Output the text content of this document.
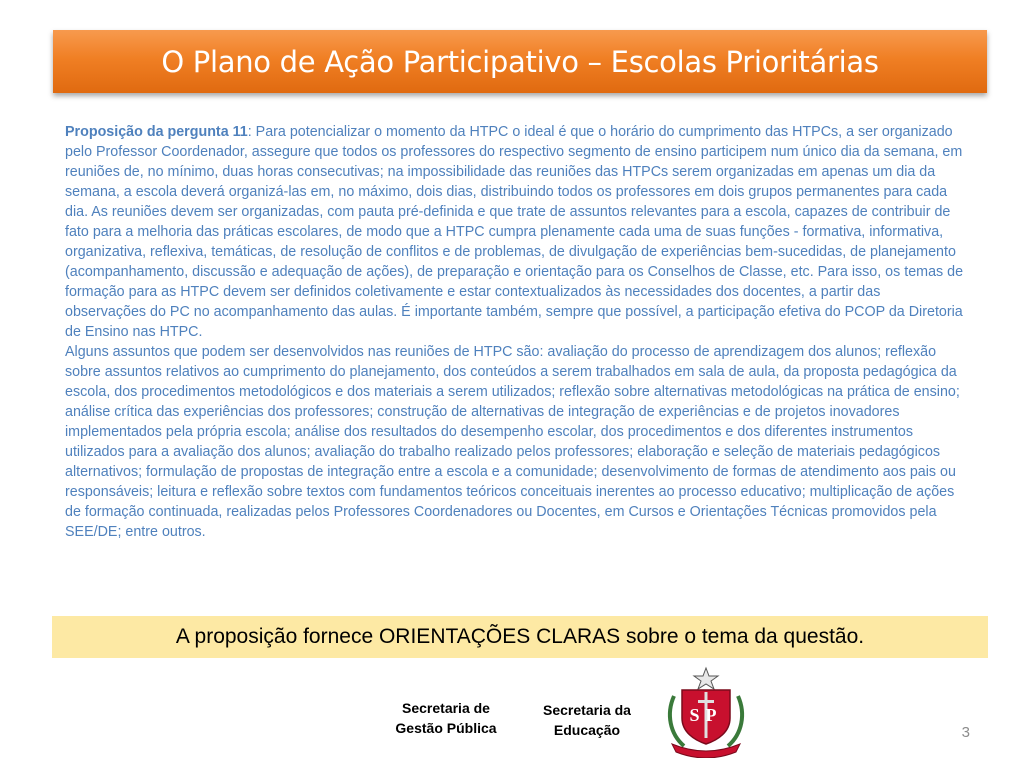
O Plano de Ação Participativo – Escolas Prioritárias

Proposição da pergunta 11: Para potencializar o momento da HTPC o ideal é que o horário do cumprimento das HTPCs, a ser organizado pelo Professor Coordenador, assegure que todos os professores do respectivo segmento de ensino participem num único dia da semana, em reuniões de, no mínimo, duas horas consecutivas; na impossibilidade das reuniões das HTPCs serem organizadas em apenas um dia da semana, a escola deverá organizá-las em, no máximo, dois dias, distribuindo todos os professores em dois grupos permanentes para cada dia. As reuniões devem ser organizadas, com pauta pré-definida e que trate de assuntos relevantes para a escola, capazes de contribuir de fato para a melhoria das práticas escolares, de modo que a HTPC cumpra plenamente cada uma de suas funções - formativa, informativa, organizativa, reflexiva, temáticas, de resolução de conflitos e de problemas, de divulgação de experiências bem-sucedidas, de planejamento (acompanhamento, discussão e adequação de ações), de preparação e orientação para os Conselhos de Classe, etc. Para isso, os temas de formação para as HTPC devem ser definidos coletivamente e estar contextualizados às necessidades dos docentes, a partir das observações do PC no acompanhamento das aulas. É importante também, sempre que possível, a participação efetiva do PCOP da Diretoria de Ensino nas HTPC.

Alguns assuntos que podem ser desenvolvidos nas reuniões de HTPC são: avaliação do processo de aprendizagem dos alunos; reflexão sobre assuntos relativos ao cumprimento do planejamento, dos conteúdos a serem trabalhados em sala de aula, da proposta pedagógica da escola, dos procedimentos metodológicos e dos materiais a serem utilizados; reflexão sobre alternativas metodológicas na prática de ensino; análise crítica das experiências dos professores; construção de alternativas de integração de experiências e de projetos inovadores implementados pela própria escola; análise dos resultados do desempenho escolar, dos procedimentos e dos diferentes instrumentos utilizados para a avaliação dos alunos; avaliação do trabalho realizado pelos professores; elaboração e seleção de materiais pedagógicos alternativos; formulação de propostas de integração entre a escola e a comunidade; desenvolvimento de formas de atendimento aos pais ou responsáveis; leitura e reflexão sobre textos com fundamentos teóricos conceituais inerentes ao processo educativo; multiplicação de ações de formação continuada, realizadas pelos Professores Coordenadores ou Docentes, em Cursos e Orientações Técnicas promovidos pela SEE/DE; entre outros.

A proposição fornece ORIENTAÇÕES CLARAS sobre o tema da questão.
Secretaria de
Gestão Pública
Secretaria da
Educação
SP
3
